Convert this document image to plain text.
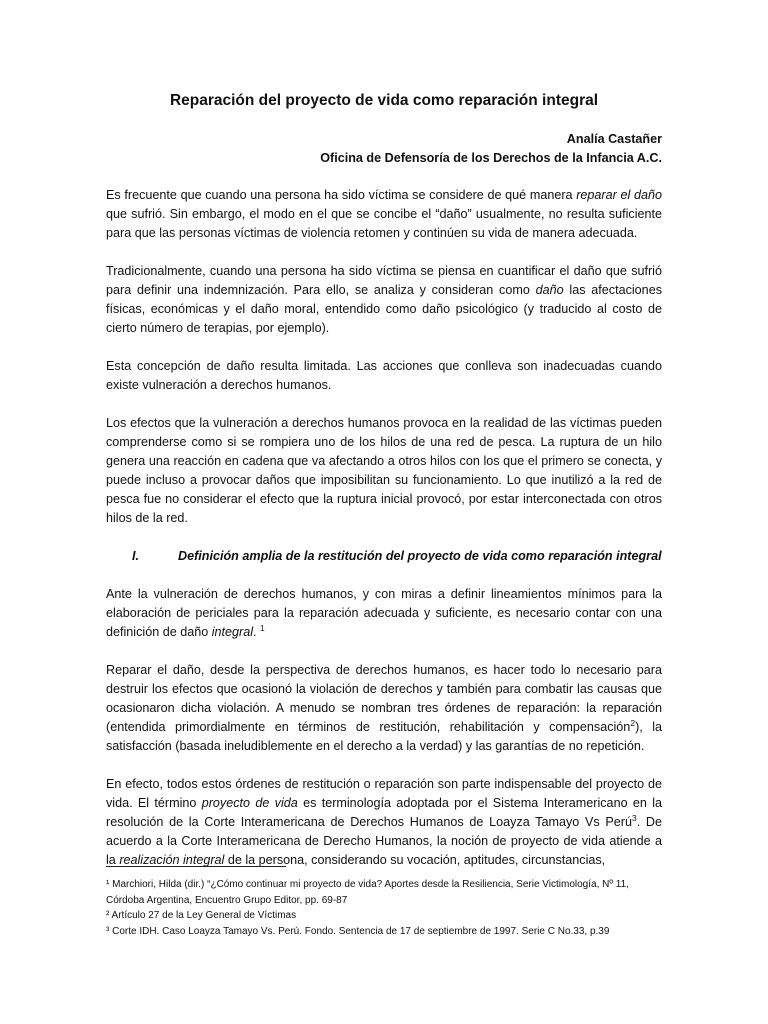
Reparación del proyecto de vida como reparación integral
Analía Castañer
Oficina de Defensoría de los Derechos de la Infancia A.C.

Es frecuente que cuando una persona ha sido víctima se considere de qué manera reparar el daño que sufrió. Sin embargo, el modo en el que se concibe el “daño” usualmente, no resulta suficiente para que las personas víctimas de violencia retomen y continúen su vida de manera adecuada.

Tradicionalmente, cuando una persona ha sido víctima se piensa en cuantificar el daño que sufrió para definir una indemnización. Para ello, se analiza y consideran como daño las afectaciones físicas, económicas y el daño moral, entendido como daño psicológico (y traducido al costo de cierto número de terapias, por ejemplo).

Esta concepción de daño resulta limitada. Las acciones que conlleva son inadecuadas cuando existe vulneración a derechos humanos.

Los efectos que la vulneración a derechos humanos provoca en la realidad de las víctimas pueden comprenderse como si se rompiera uno de los hilos de una red de pesca. La ruptura de un hilo genera una reacción en cadena que va afectando a otros hilos con los que el primero se conecta, y puede incluso a provocar daños que imposibilitan su funcionamiento. Lo que inutilizó a la red de pesca fue no considerar el efecto que la ruptura inicial provocó, por estar interconectada con otros hilos de la red.

I.	Definición amplia de la restitución del proyecto de vida como reparación integral

Ante la vulneración de derechos humanos, y con miras a definir lineamientos mínimos para la elaboración de periciales para la reparación adecuada y suficiente, es necesario contar con una definición de daño integral. $^1$

Reparar el daño, desde la perspectiva de derechos humanos, es hacer todo lo necesario para destruir los efectos que ocasionó la violación de derechos y también para combatir las causas que ocasionaron dicha violación. A menudo se nombran tres órdenes de reparación: la reparación (entendida primordialmente en términos de restitución, rehabilitación y compensación$^2$), la satisfacción (basada ineludiblemente en el derecho a la verdad) y las garantías de no repetición.

En efecto, todos estos órdenes de restitución o reparación son parte indispensable del proyecto de vida. El término proyecto de vida es terminología adoptada por el Sistema Interamericano en la resolución de la Corte Interamericana de Derechos Humanos de Loayza Tamayo Vs Perú$^3$. De acuerdo a la Corte Interamericana de Derecho Humanos, la noción de proyecto de vida atiende a la realización integral de la persona, considerando su vocación, aptitudes, circunstancias,

¹ Marchiori, Hilda (dir.) “¿Cómo continuar mi proyecto de vida? Aportes desde la Resiliencia, Serie Victimología, Nº 11, Córdoba Argentina, Encuentro Grupo Editor, pp. 69-87
² Artículo 27 de la Ley General de Víctimas
³ Corte IDH. Caso Loayza Tamayo Vs. Perú. Fondo. Sentencia de 17 de septiembre de 1997. Serie C No.33, p.39
